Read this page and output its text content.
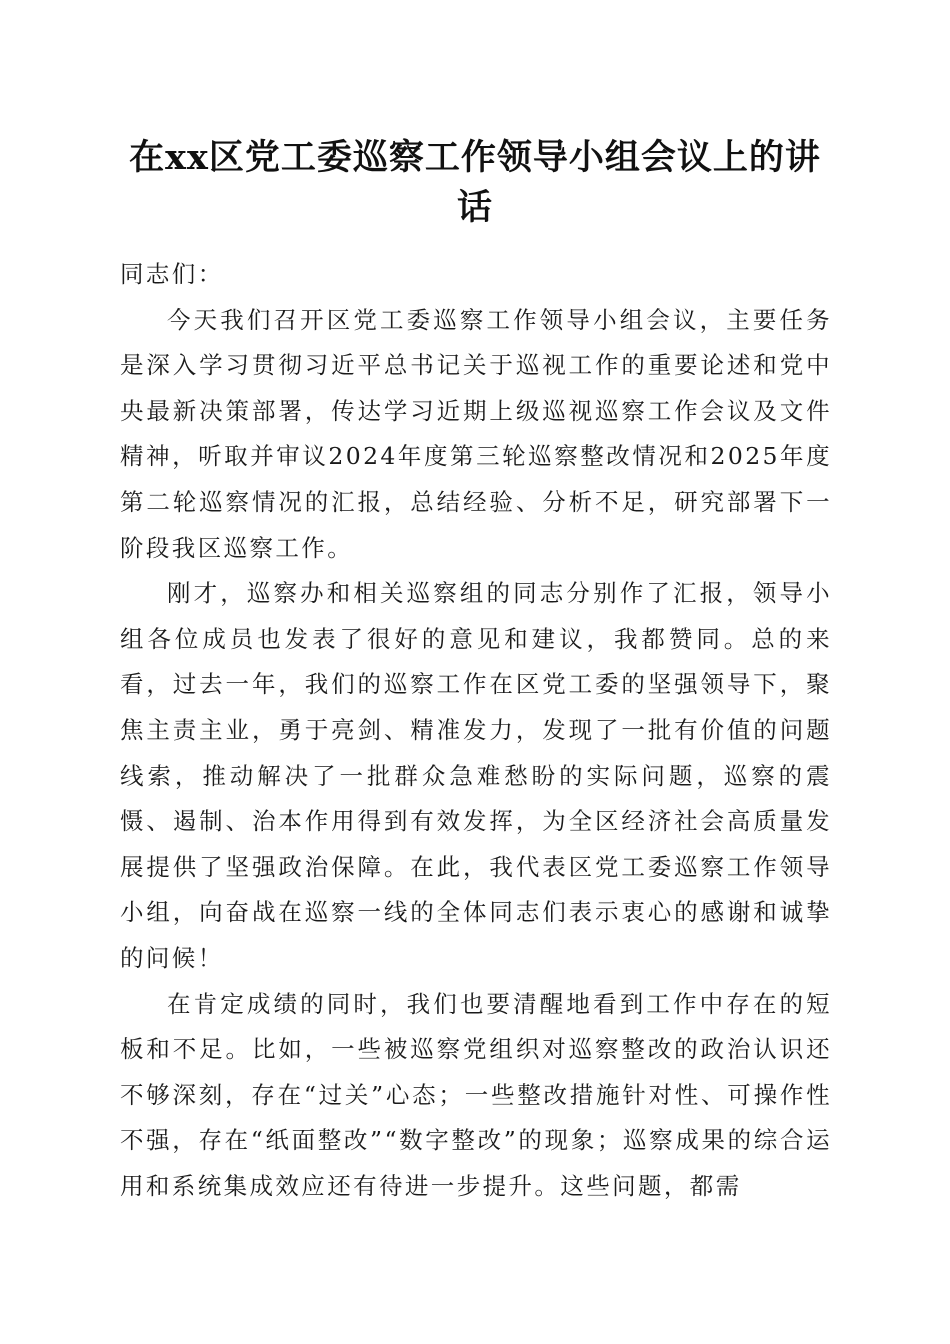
在xx区党工委巡察工作领导小组会议上的讲话

同志们：

今天我们召开区党工委巡察工作领导小组会议，主要任务是深入学习贯彻习近平总书记关于巡视工作的重要论述和党中央最新决策部署，传达学习近期上级巡视巡察工作会议及文件精神，听取并审议2024年度第三轮巡察整改情况和2025年度第二轮巡察情况的汇报，总结经验、分析不足，研究部署下一阶段我区巡察工作。

刚才，巡察办和相关巡察组的同志分别作了汇报，领导小组各位成员也发表了很好的意见和建议，我都赞同。总的来看，过去一年，我们的巡察工作在区党工委的坚强领导下，聚焦主责主业，勇于亮剑、精准发力，发现了一批有价值的问题线索，推动解决了一批群众急难愁盼的实际问题，巡察的震慑、遏制、治本作用得到有效发挥，为全区经济社会高质量发展提供了坚强政治保障。在此，我代表区党工委巡察工作领导小组，向奋战在巡察一线的全体同志们表示衷心的感谢和诚挚的问候！

在肯定成绩的同时，我们也要清醒地看到工作中存在的短板和不足。比如，一些被巡察党组织对巡察整改的政治认识还不够深刻，存在“过关”心态；一些整改措施针对性、可操作性不强，存在“纸面整改”“数字整改”的现象；巡察成果的综合运用和系统集成效应还有待进一步提升。这些问题，都需
